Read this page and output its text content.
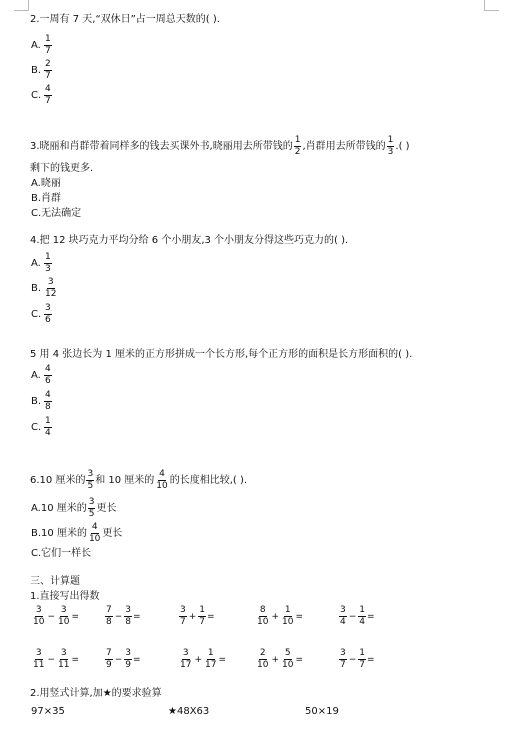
2.一周有 7 天,“双休日”占一周总天数的( ).
A. $\frac{1}{7}$
B. $\frac{2}{7}$
C. $\frac{4}{7}$
3.晓丽和肖群带着同样多的钱去买课外书,晓丽用去所带钱的 $\frac{1}{2}$ ,肖群用去所带钱的 $\frac{1}{3}$ .( )
剩下的钱更多.
A.晓丽
B.肖群
C.无法确定
4.把 12 块巧克力平均分给 6 个小朋友,3 个小朋友分得这些巧克力的( ).
A. $\frac{1}{3}$
B. $\frac{3}{12}$
C. $\frac{3}{6}$
5 用 4 张边长为 1 厘米的正方形拼成一个长方形,每个正方形的面积是长方形面积的( ).
A. $\frac{4}{6}$
B. $\frac{4}{8}$
C. $\frac{1}{4}$
6.10 厘米的 $\frac{3}{5}$ 和 10 厘米的 $\frac{4}{10}$ 的长度相比较,( ).
A.10 厘米的 $\frac{3}{5}$ 更长
B.10 厘米的 $\frac{4}{10}$ 更长
C.它们一样长
三、计算题
1.直接写出得数
$\frac{3}{10} - \frac{3}{10}$ =	$\frac{7}{8} - \frac{3}{8}$ =	$\frac{3}{7} + \frac{1}{7}$ =	$\frac{8}{10} + \frac{1}{10}$ =	$\frac{3}{4} - \frac{1}{4}$ =
$\frac{3}{11} - \frac{3}{11}$ =	$\frac{7}{9} - \frac{3}{9}$ =	$\frac{3}{17} + \frac{1}{17}$ =	$\frac{2}{10} + \frac{5}{10}$ =	$\frac{3}{7} - \frac{1}{7}$ =
2.用竖式计算,加★的要求验算
97×35	★48X63	50×19
